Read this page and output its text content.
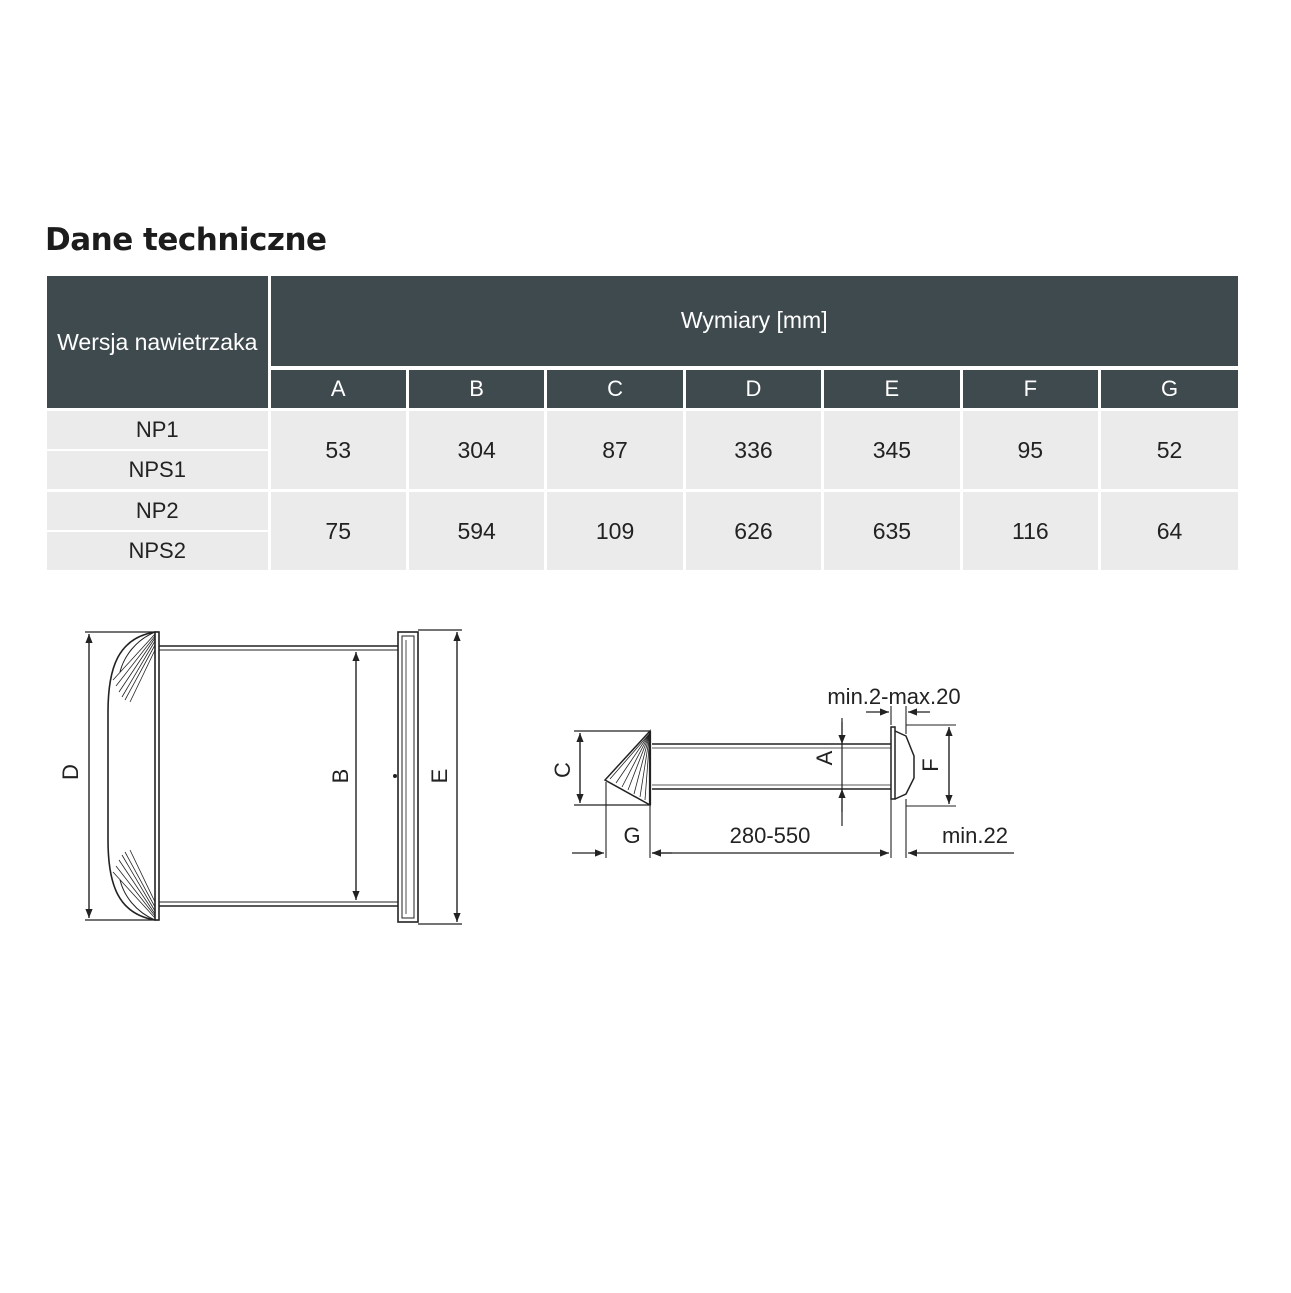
Dane techniczne
Wersja nawietrzaka	Wymiary [mm]						
	A	B	C	D	E	F	G
NP1	53	304	87	336	345	95	52
NPS1							
NP2	75	594	109	626	635	116	64
NPS2							
D	B	E
min.2-max.20
C
A	F
G	280-550	min.22
